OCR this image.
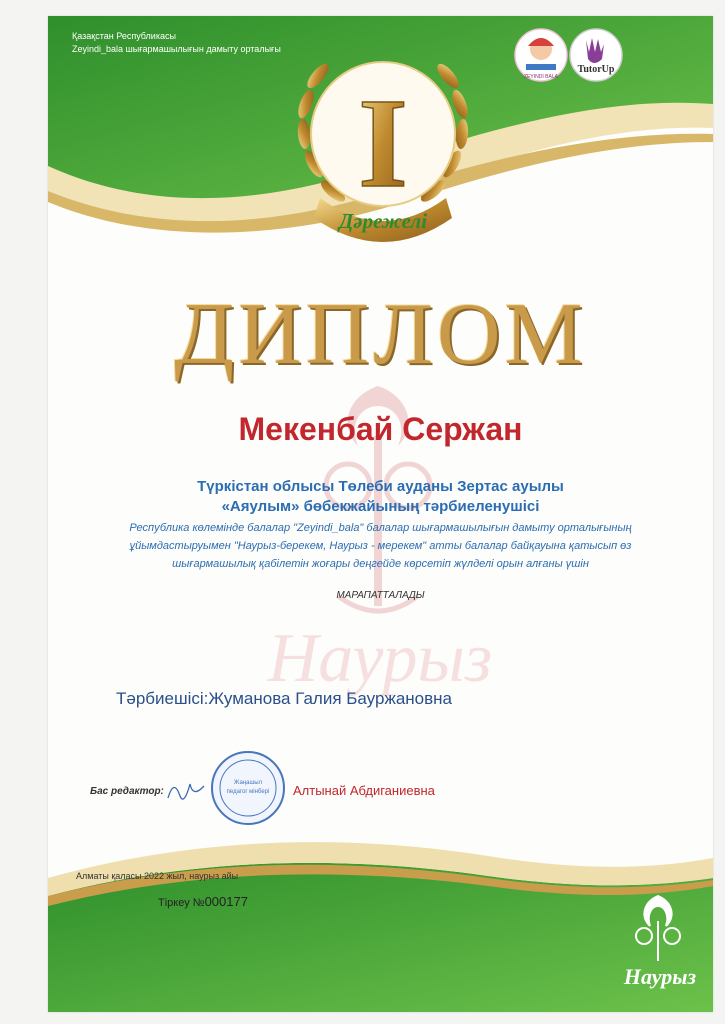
Наурыз
I
Дәрежелі
ZEYINDI BALA
TutorUp
Жаңашыл
педагог мінбері
Наурыз
Қазақстан Республикасы
Zeyindi_bala шығармашылығын дамыту орталығы
ДИПЛОМ
Мекенбай Сержан
Түркістан облысы Төлеби ауданы Зертас ауылы
«Аяулым» бөбекжайының тәрбиеленушісі
Республика көлемінде балалар "Zeyindi_bala" балалар шығармашылығын дамыту орталығының
ұйымдастыруымен "Наурыз-берекем, Наурыз - мерекем" атты балалар байқауына қатысып өз
шығармашылық қабілетін жоғары деңгейде көрсетіп жүлделі орын алғаны үшін
МАРАПАТТАЛАДЫ
Тәрбиешісі:Жуманова Галия Бауржановна
Бас редактор:	Алтынай Абдиганиевна
Алматы қаласы 2022 жыл, наурыз айы
Тіркеу №000177
